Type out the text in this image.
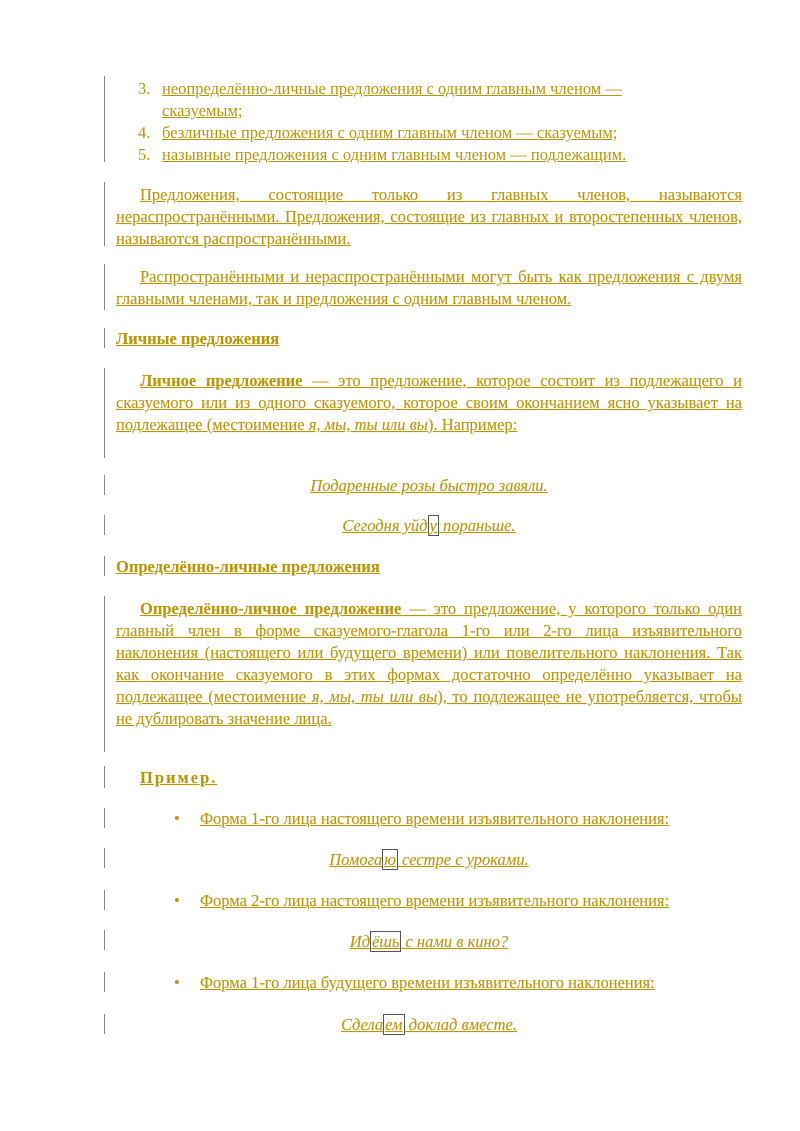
3. неопределённо-личные предложения с одним главным членом —
сказуемым;
4. безличные предложения с одним главным членом — сказуемым;
5. назывные предложения с одним главным членом — подлежащим.
Предложения, состоящие только из главных членов, называются нераспространёнными. Предложения, состоящие из главных и второстепенных членов, называются распространёнными.
Распространёнными и нераспространёнными могут быть как предложения с двумя главными членами, так и предложения с одним главным членом.
Личные предложения
Личное предложение — это предложение, которое состоит из подлежащего и сказуемого или из одного сказуемого, которое своим окончанием ясно указывает на подлежащее (местоимение я, мы, ты или вы). Например:
Подаренные розы быстро завяли.
Сегодня уйд у пораньше.
Определённо-личные предложения
Определённо-личное предложение — это предложение, у которого только один главный член в форме сказуемого-глагола 1-го или 2-го лица изъявительного наклонения (настоящего или будущего времени) или повелительного наклонения. Так как окончание сказуемого в этих формах достаточно определённо указывает на подлежащее (местоимение я, мы, ты или вы), то подлежащее не употребляется, чтобы не дублировать значение лица.
Пример.
• Форма 1-го лица настоящего времени изъявительного наклонения:
Помога ю сестре с уроками.
• Форма 2-го лица настоящего времени изъявительного наклонения:
Ид ёшь с нами в кино?
• Форма 1-го лица будущего времени изъявительного наклонения:
Сдела ем доклад вместе.
